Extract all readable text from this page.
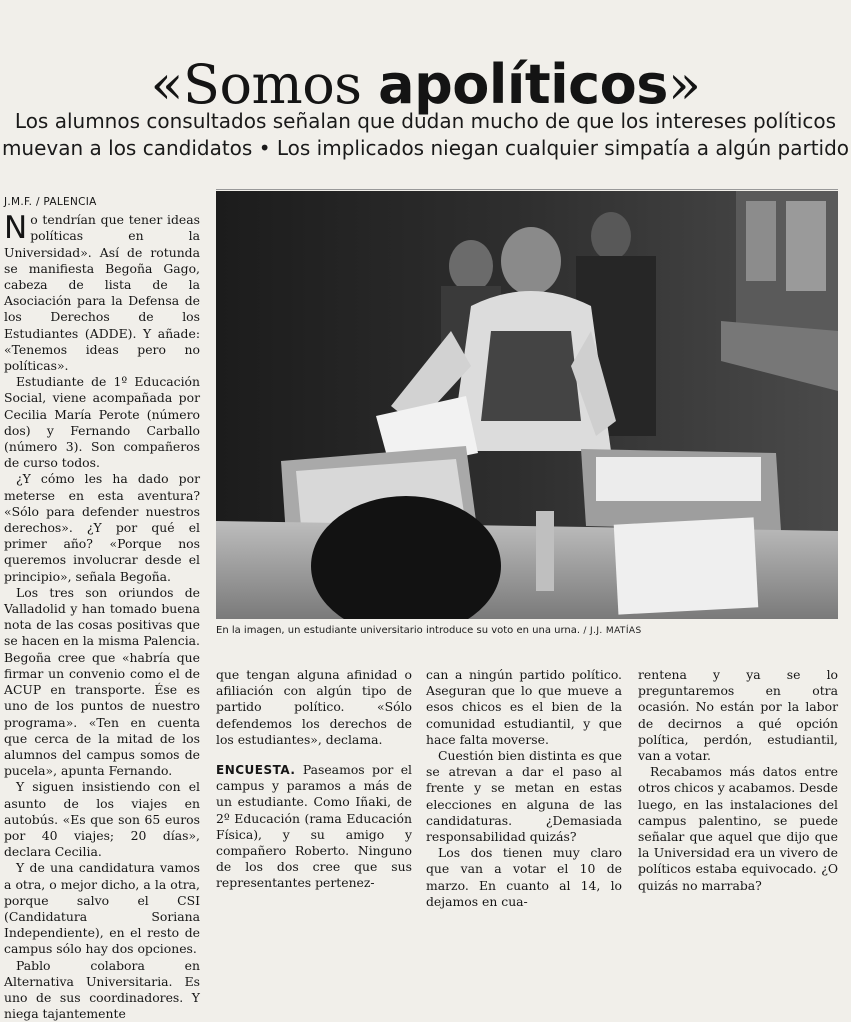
«Somos apolíticos»
Los alumnos consultados señalan que dudan mucho de que los intereses políticos
muevan a los candidatos • Los implicados niegan cualquier simpatía a algún partido
J.M.F. / PALENCIA

No tendrían que tener ideas políticas en la Universidad». Así de rotunda se manifiesta Begoña Gago, cabeza de lista de la Asociación para la Defensa de los Derechos de los Estudiantes (ADDE). Y añade: «Tenemos ideas pero no políticas».

Estudiante de 1º Educación Social, viene acompañada por Cecilia María Perote (número dos) y Fernando Carballo (número 3). Son compañeros de curso todos.

¿Y cómo les ha dado por meterse en esta aventura? «Sólo para defender nuestros derechos». ¿Y por qué el primer año? «Porque nos queremos involucrar desde el principio», señala Begoña.

Los tres son oriundos de Valladolid y han tomado buena nota de las cosas positivas que se hacen en la misma Palencia. Begoña cree que «habría que firmar un convenio como el de ACUP en transporte. Ése es uno de los puntos de nuestro programa». «Ten en cuenta que cerca de la mitad de los alumnos del campus somos de pucela», apunta Fernando.

Y siguen insistiendo con el asunto de los viajes en autobús. «Es que son 65 euros por 40 viajes; 20 días», declara Cecilia.

Y de una candidatura vamos a otra, o mejor dicho, a la otra, porque salvo el CSI (Candidatura Soriana Independiente), en el resto de campus sólo hay dos opciones.

Pablo colabora en Alternativa Universitaria. Es uno de sus coordinadores. Y niega tajantemente

En la imagen, un estudiante universitario introduce su voto en una urna. / J.J. MATÍAS

que tengan alguna afinidad o afiliación con algún tipo de partido político. «Sólo defendemos los derechos de los estudiantes», declama.

ENCUESTA. Paseamos por el campus y paramos a más de un estudiante. Como Iñaki, de 2º Educación (rama Educación Física), y su amigo y compañero Roberto. Ninguno de los dos cree que sus representantes pertenez-

can a ningún partido político. Aseguran que lo que mueve a esos chicos es el bien de la comunidad estudiantil, y que hace falta moverse.

Cuestión bien distinta es que se atrevan a dar el paso al frente y se metan en estas elecciones en alguna de las candidaturas. ¿Demasiada responsabilidad quizás?

Los dos tienen muy claro que van a votar el 10 de marzo. En cuanto al 14, lo dejamos en cua-

rentena y ya se lo preguntaremos en otra ocasión. No están por la labor de decirnos a qué opción política, perdón, estudiantil, van a votar.

Recabamos más datos entre otros chicos y acabamos. Desde luego, en las instalaciones del campus palentino, se puede señalar que aquel que dijo que la Universidad era un vivero de políticos estaba equivocado. ¿O quizás no marraba?
